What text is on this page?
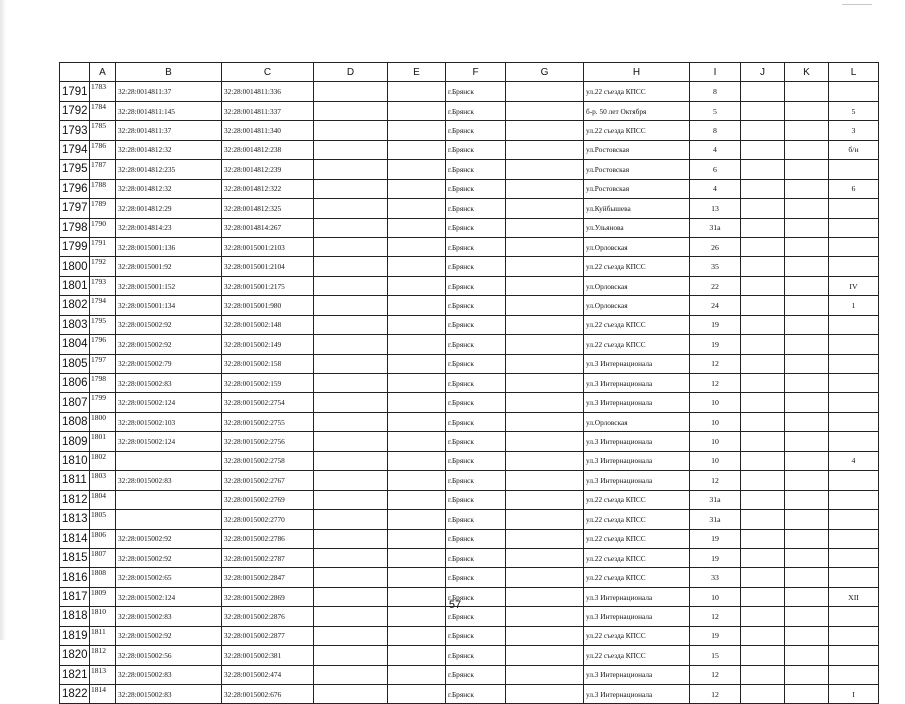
	A	B	C	D	E	F	G	H	I	J	K	L
1791	1783	32:28:0014811:37	32:28:0014811:336			г.Брянск		ул.22 съезда КПСС	8			
1792	1784	32:28:0014811:145	32:28:0014811:337			г.Брянск		б-р. 50 лет Октября	5			5
1793	1785	32:28:0014811:37	32:28:0014811:340			г.Брянск		ул.22 съезда КПСС	8			3
1794	1786	32:28:0014812:32	32:28:0014812:238			г.Брянск		ул.Ростовская	4			б/н
1795	1787	32:28:0014812:235	32:28:0014812:239			г.Брянск		ул.Ростовская	6			
1796	1788	32:28:0014812:32	32:28:0014812:322			г.Брянск		ул.Ростовская	4			6
1797	1789	32:28:0014812:29	32:28:0014812:325			г.Брянск		ул.Куйбышева	13			
1798	1790	32:28:0014814:23	32:28:0014814:267			г.Брянск		ул.Ульянова	31а			
1799	1791	32:28:0015001:136	32:28:0015001:2103			г.Брянск		ул.Орловская	26			
1800	1792	32:28:0015001:92	32:28:0015001:2104			г.Брянск		ул.22 съезда КПСС	35			
1801	1793	32:28:0015001:152	32:28:0015001:2175			г.Брянск		ул.Орловская	22			IV
1802	1794	32:28:0015001:134	32:28:0015001:980			г.Брянск		ул.Орловская	24			1
1803	1795	32:28:0015002:92	32:28:0015002:148			г.Брянск		ул.22 съезда КПСС	19			
1804	1796	32:28:0015002:92	32:28:0015002:149			г.Брянск		ул.22 съезда КПСС	19			
1805	1797	32:28:0015002:79	32:28:0015002:158			г.Брянск		ул.3 Интернационала	12			
1806	1798	32:28:0015002:83	32:28:0015002:159			г.Брянск		ул.3 Интернационала	12			
1807	1799	32:28:0015002:124	32:28:0015002:2754			г.Брянск		ул.3 Интернационала	10			
1808	1800	32:28:0015002:103	32:28:0015002:2755			г.Брянск		ул.Орловская	10			
1809	1801	32:28:0015002:124	32:28:0015002:2756			г.Брянск		ул.3 Интернационала	10			
1810	1802		32:28:0015002:2758			г.Брянск		ул.3 Интернационала	10			4
1811	1803	32:28:0015002:83	32:28:0015002:2767			г.Брянск		ул.3 Интернационала	12			
1812	1804		32:28:0015002:2769			г.Брянск		ул.22 съезда КПСС	31а			
1813	1805		32:28:0015002:2770			г.Брянск		ул.22 съезда КПСС	31а			
1814	1806	32:28:0015002:92	32:28:0015002:2786			г.Брянск		ул.22 съезда КПСС	19			
1815	1807	32:28:0015002:92	32:28:0015002:2787			г.Брянск		ул.22 съезда КПСС	19			
1816	1808	32:28:0015002:65	32:28:0015002:2847			г.Брянск		ул.22 съезда КПСС	33			
1817	1809	32:28:0015002:124	32:28:0015002:2869			г.Брянск		ул.3 Интернационала	10			XII
1818	1810	32:28:0015002:83	32:28:0015002:2876			г.Брянск		ул.3 Интернационала	12			
1819	1811	32:28:0015002:92	32:28:0015002:2877			г.Брянск		ул.22 съезда КПСС	19			
1820	1812	32:28:0015002:56	32:28:0015002:381			г.Брянск		ул.22 съезда КПСС	15			
1821	1813	32:28:0015002:83	32:28:0015002:474			г.Брянск		ул.3 Интернационала	12			
1822	1814	32:28:0015002:83	32:28:0015002:676			г.Брянск		ул.3 Интернационала	12			I
57
